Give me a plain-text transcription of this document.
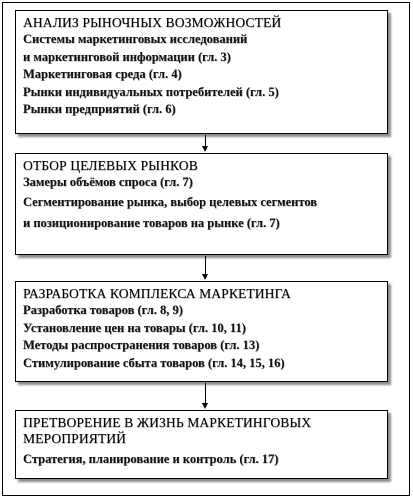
АНАЛИЗ РЫНОЧНЫХ ВОЗМОЖНОСТЕЙ
Системы маркетинговых исследований
и маркетинговой информации (гл. 3)
Маркетинговая среда (гл. 4)
Рынки индивидуальных потребителей (гл. 5)
Рынки предприятий (гл. 6)
ОТБОР ЦЕЛЕВЫХ РЫНКОВ
Замеры объёмов спроса (гл. 7)
Сегментирование рынка, выбор целевых сегментов
и позиционирование товаров на рынке (гл. 7)
РАЗРАБОТКА КОМПЛЕКСА МАРКЕТИНГА
Разработка товаров (гл. 8, 9)
Установление цен на товары (гл. 10, 11)
Методы распространения товаров (гл. 13)
Стимулирование сбыта товаров (гл. 14, 15, 16)
ПРЕТВОРЕНИЕ В ЖИЗНЬ МАРКЕТИНГОВЫХ
МЕРОПРИЯТИЙ
Стратегия, планирование и контроль (гл. 17)
